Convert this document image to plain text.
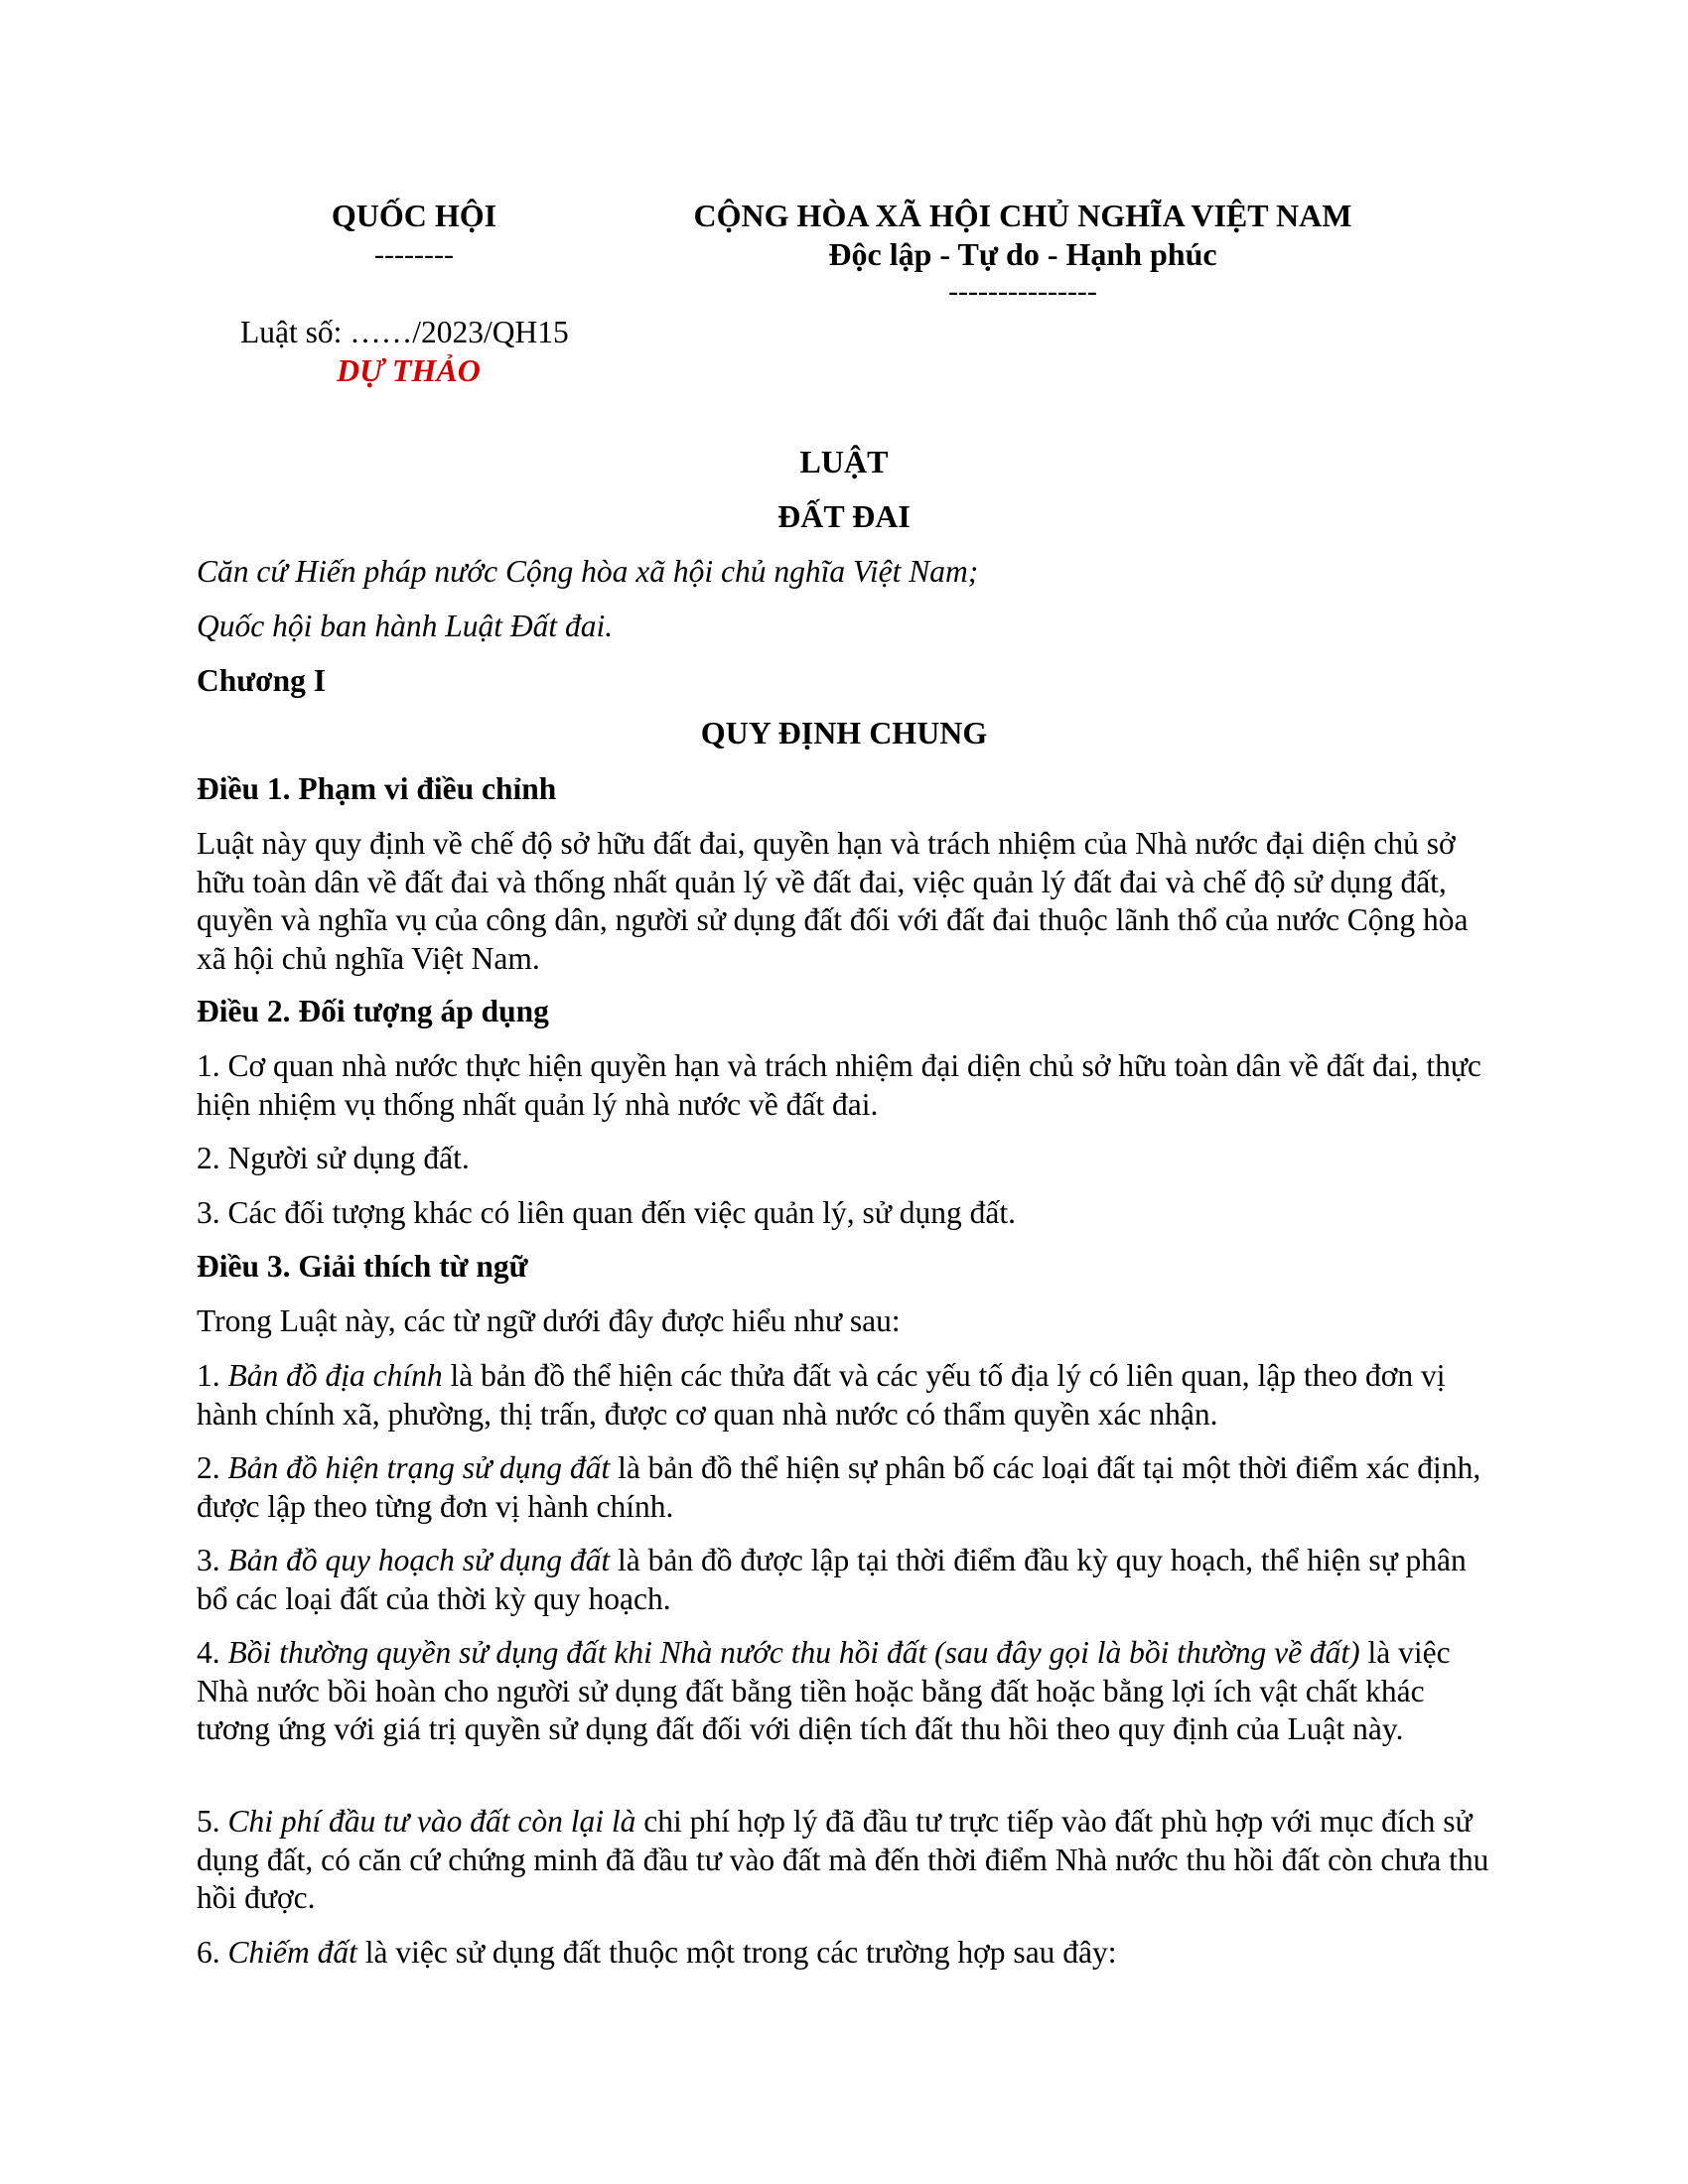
QUỐC HỘI
--------
CỘNG HÒA XÃ HỘI CHỦ NGHĨA VIỆT NAM
Độc lập - Tự do - Hạnh phúc
---------------
Luật số: ……/2023/QH15
DỰ THẢO
LUẬT
ĐẤT ĐAI

Căn cứ Hiến pháp nước Cộng hòa xã hội chủ nghĩa Việt Nam;

Quốc hội ban hành Luật Đất đai.

Chương I

QUY ĐỊNH CHUNG

Điều 1. Phạm vi điều chỉnh

Luật này quy định về chế độ sở hữu đất đai, quyền hạn và trách nhiệm của Nhà nước đại diện chủ sở hữu toàn dân về đất đai và thống nhất quản lý về đất đai, việc quản lý đất đai và chế độ sử dụng đất, quyền và nghĩa vụ của công dân, người sử dụng đất đối với đất đai thuộc lãnh thổ của nước Cộng hòa xã hội chủ nghĩa Việt Nam.

Điều 2. Đối tượng áp dụng

1. Cơ quan nhà nước thực hiện quyền hạn và trách nhiệm đại diện chủ sở hữu toàn dân về đất đai, thực hiện nhiệm vụ thống nhất quản lý nhà nước về đất đai.

2. Người sử dụng đất.

3. Các đối tượng khác có liên quan đến việc quản lý, sử dụng đất.

Điều 3. Giải thích từ ngữ

Trong Luật này, các từ ngữ dưới đây được hiểu như sau:

1. Bản đồ địa chính là bản đồ thể hiện các thửa đất và các yếu tố địa lý có liên quan, lập theo đơn vị hành chính xã, phường, thị trấn, được cơ quan nhà nước có thẩm quyền xác nhận.

2. Bản đồ hiện trạng sử dụng đất là bản đồ thể hiện sự phân bố các loại đất tại một thời điểm xác định, được lập theo từng đơn vị hành chính.

3. Bản đồ quy hoạch sử dụng đất là bản đồ được lập tại thời điểm đầu kỳ quy hoạch, thể hiện sự phân bổ các loại đất của thời kỳ quy hoạch.

4. Bồi thường quyền sử dụng đất khi Nhà nước thu hồi đất (sau đây gọi là bồi thường về đất) là việc Nhà nước bồi hoàn cho người sử dụng đất bằng tiền hoặc bằng đất hoặc bằng lợi ích vật chất khác tương ứng với giá trị quyền sử dụng đất đối với diện tích đất thu hồi theo quy định của Luật này.

5. Chi phí đầu tư vào đất còn lại là chi phí hợp lý đã đầu tư trực tiếp vào đất phù hợp với mục đích sử dụng đất, có căn cứ chứng minh đã đầu tư vào đất mà đến thời điểm Nhà nước thu hồi đất còn chưa thu hồi được.

6. Chiếm đất là việc sử dụng đất thuộc một trong các trường hợp sau đây:
